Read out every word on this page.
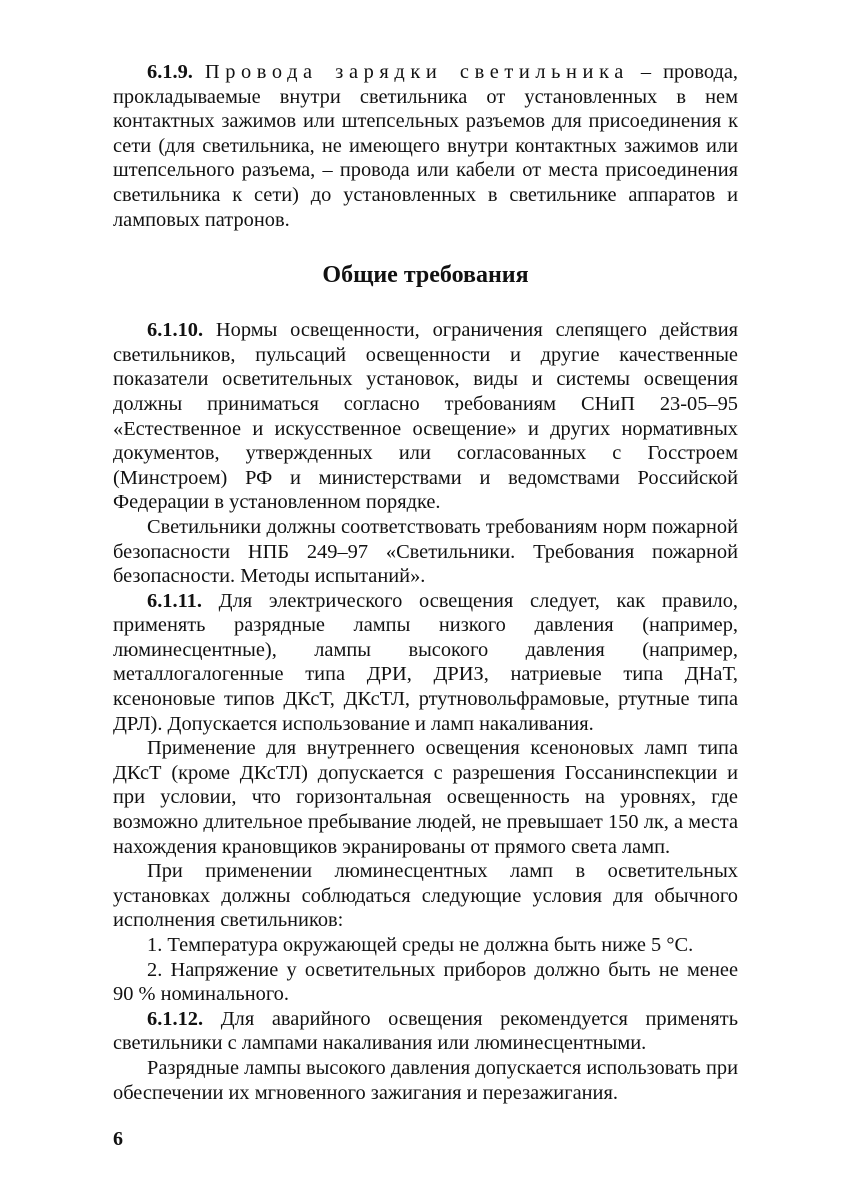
6.1.9. Провода зарядки светильника – провода, прокладываемые внутри светильника от установленных в нем контактных зажимов или штепсельных разъемов для присоединения к сети (для светильника, не имеющего внутри контактных зажимов или штепсельного разъема, – провода или кабели от места присоединения светильника к сети) до установленных в светильнике аппаратов и ламповых патронов.

Общие требования

6.1.10. Нормы освещенности, ограничения слепящего действия светильников, пульсаций освещенности и другие качественные показатели осветительных установок, виды и системы освещения должны приниматься согласно требованиям СНиП 23-05–95 «Естественное и искусственное освещение» и других нормативных документов, утвержденных или согласованных с Госстроем (Минстроем) РФ и министерствами и ведомствами Российской Федерации в установленном порядке.

Светильники должны соответствовать требованиям норм пожарной безопасности НПБ 249–97 «Светильники. Требования пожарной безопасности. Методы испытаний».

6.1.11. Для электрического освещения следует, как правило, применять разрядные лампы низкого давления (например, люминесцентные), лампы высокого давления (например, металлогалогенные типа ДРИ, ДРИЗ, натриевые типа ДНаТ, ксеноновые типов ДКсТ, ДКсТЛ, ртутновольфрамовые, ртутные типа ДРЛ). Допускается использование и ламп накаливания.

Применение для внутреннего освещения ксеноновых ламп типа ДКсТ (кроме ДКсТЛ) допускается с разрешения Госсанинспекции и при условии, что горизонтальная освещенность на уровнях, где возможно длительное пребывание людей, не превышает 150 лк, а места нахождения крановщиков экранированы от прямого света ламп.

При применении люминесцентных ламп в осветительных установках должны соблюдаться следующие условия для обычного исполнения светильников:

1. Температура окружающей среды не должна быть ниже 5 °С.

2. Напряжение у осветительных приборов должно быть не менее 90 % номинального.

6.1.12. Для аварийного освещения рекомендуется применять светильники с лампами накаливания или люминесцентными.

Разрядные лампы высокого давления допускается использовать при обеспечении их мгновенного зажигания и перезажигания.

6
